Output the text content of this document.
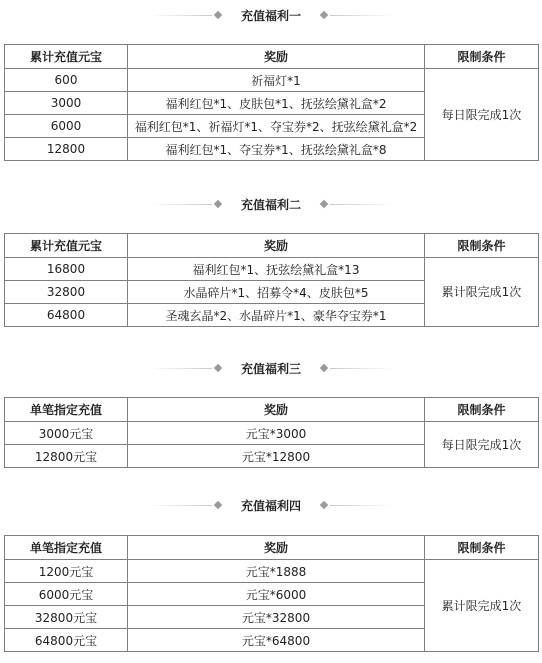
充值福利一
累计充值元宝	奖励	限制条件
600	祈福灯*1	每日限完成1次
3000	福利红包*1、皮肤包*1、抚弦绘黛礼盒*2	
6000	福利红包*1、祈福灯*1、夺宝券*2、抚弦绘黛礼盒*2	
12800	福利红包*1、夺宝券*1、抚弦绘黛礼盒*8	
充值福利二
累计充值元宝	奖励	限制条件
16800	福利红包*1、抚弦绘黛礼盒*13	累计限完成1次
32800	水晶碎片*1、招募令*4、皮肤包*5	
64800	圣魂玄晶*2、水晶碎片*1、豪华夺宝券*1	
充值福利三
单笔指定充值	奖励	限制条件
3000元宝	元宝*3000	每日限完成1次
12800元宝	元宝*12800	
充值福利四
单笔指定充值	奖励	限制条件
1200元宝	元宝*1888	累计限完成1次
6000元宝	元宝*6000	
32800元宝	元宝*32800	
64800元宝	元宝*64800	
